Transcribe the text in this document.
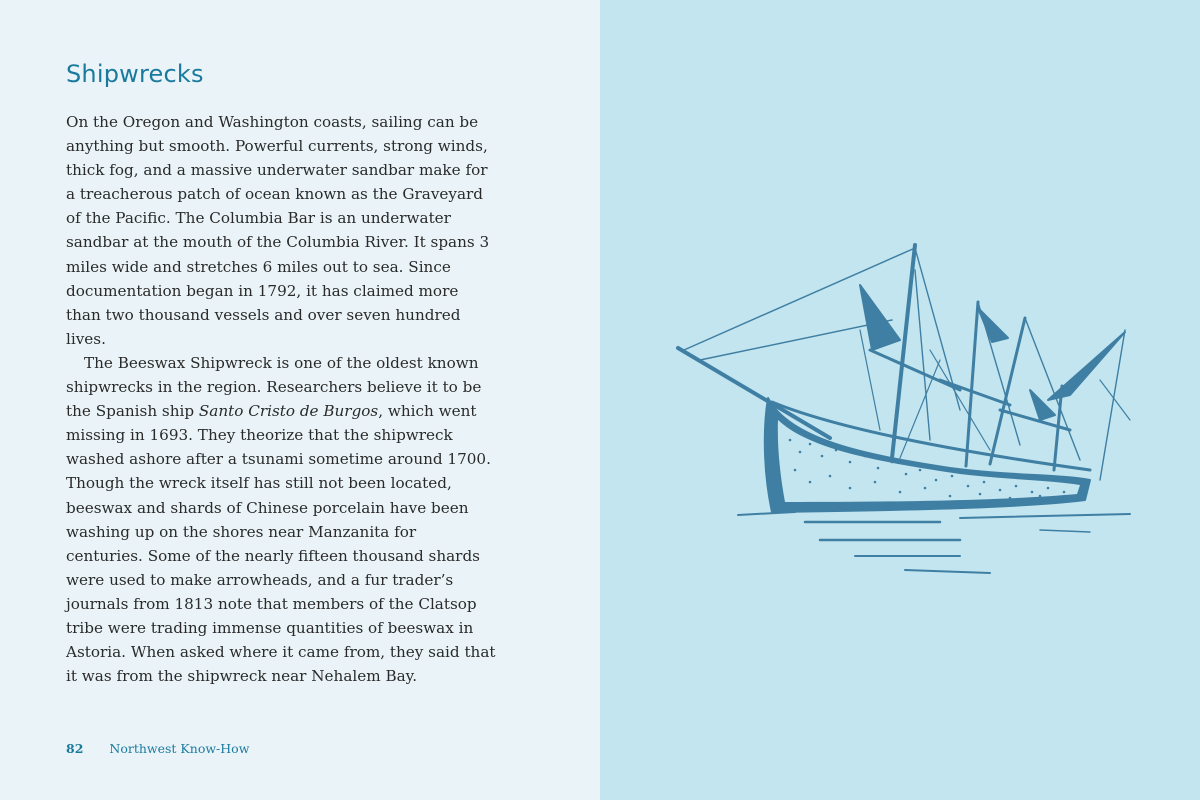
Shipwrecks

On the Oregon and Washington coasts, sailing can be anything but smooth. Powerful currents, strong winds, thick fog, and a massive underwater sandbar make for a treacherous patch of ocean known as the Graveyard of the Pacific. The Columbia Bar is an underwater sandbar at the mouth of the Columbia River. It spans 3 miles wide and stretches 6 miles out to sea. Since documentation began in 1792, it has claimed more than two thousand vessels and over seven hundred lives.

The Beeswax Shipwreck is one of the oldest known shipwrecks in the region. Researchers believe it to be the Spanish ship Santo Cristo de Burgos, which went missing in 1693. They theorize that the shipwreck washed ashore after a tsunami sometime around 1700. Though the wreck itself has still not been located, beeswax and shards of Chinese porcelain have been washing up on the shores near Manzanita for centuries. Some of the nearly fifteen thousand shards were used to make arrowheads, and a fur trader’s journals from 1813 note that members of the Clatsop tribe were trading immense quantities of beeswax in Astoria. When asked where it came from, they said that it was from the shipwreck near Nehalem Bay.

82 Northwest Know-How
